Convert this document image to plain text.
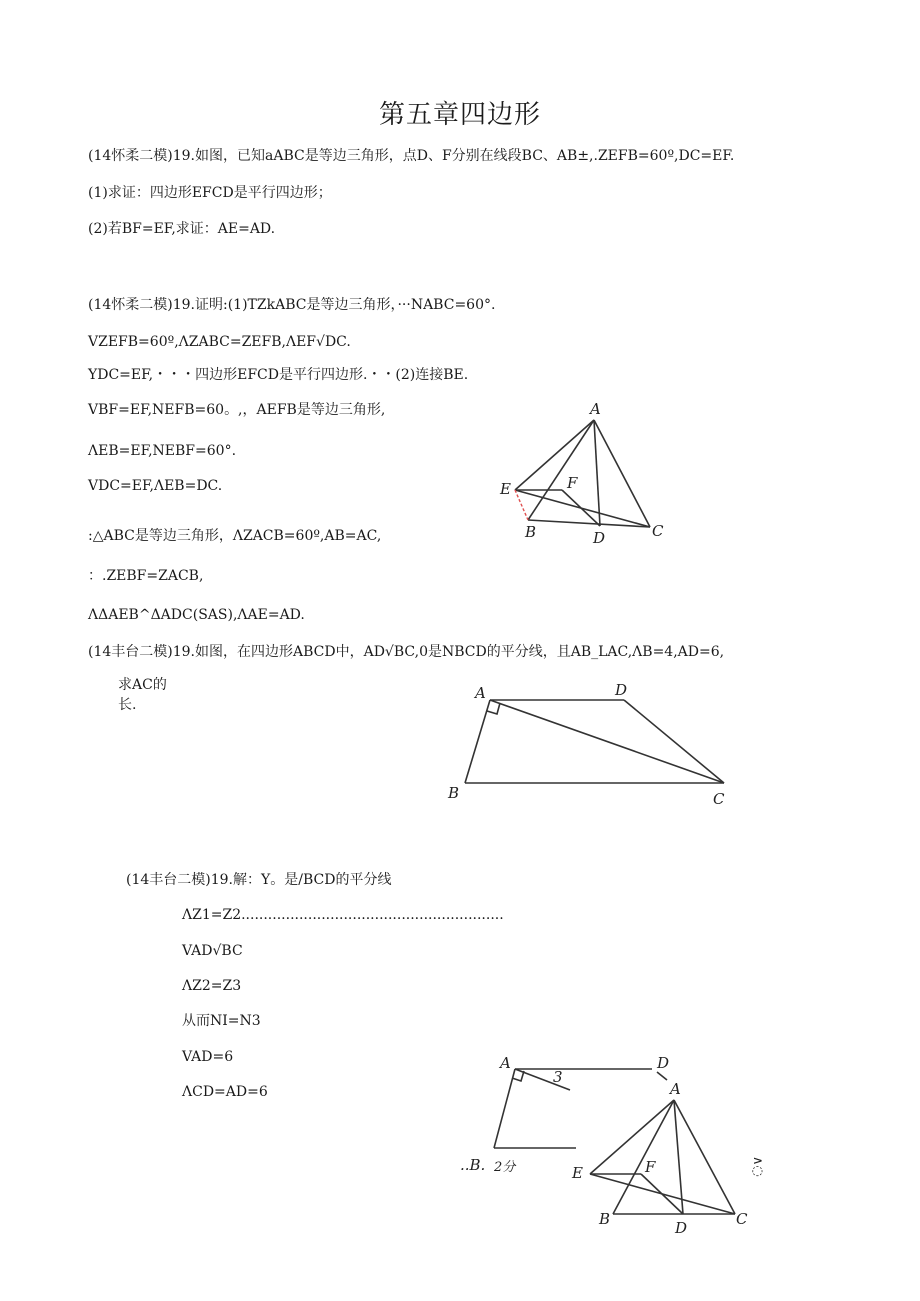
第五章四边形
(14怀柔二模)19.如图，已知aABC是等边三角形，点D、F分别在线段BC、AB±,.ZEFB=60º,DC=EF.
(1)求证：四边形EFCD是平行四边形；
(2)若BF=EF,求证：AE=AD.
(14怀柔二模)19.证明:(1)TZkABC是等边三角形，···NABC=60°.
VZEFB=60º,ΛZABC=ZEFB,ΛEF√DC.
YDC=EF,・・・四边形EFCD是平行四边形.・・(2)连接BE.
VBF=EF,NEFB=60。,，AEFB是等边三角形,
ΛEB=EF,NEBF=60°.
VDC=EF,ΛEB=DC.
:△ABC是等边三角形，ΛZACB=60º,AB=AC,
：.ZEBF=ZACB,
ΛΔAEB^ΔADC(SAS),ΛAE=AD.
(14丰台二模)19.如图，在四边形ABCD中，AD√BC,0是NBCD的平分线，且AB_LAC,ΛB=4,AD=6,
求AC的
长.
(14丰台二模)19.解：Y。是/BCD的平分线
ΛZ1=Z2...........................................................
VAD√BC
ΛZ2=Z3
从而NI=N3
VAD=6
ΛCD=AD=6
A
E	F
B	D	C
A	D
B	C
A	D
3
..B. 2分
A
E	F
B	D	C
∧◌
